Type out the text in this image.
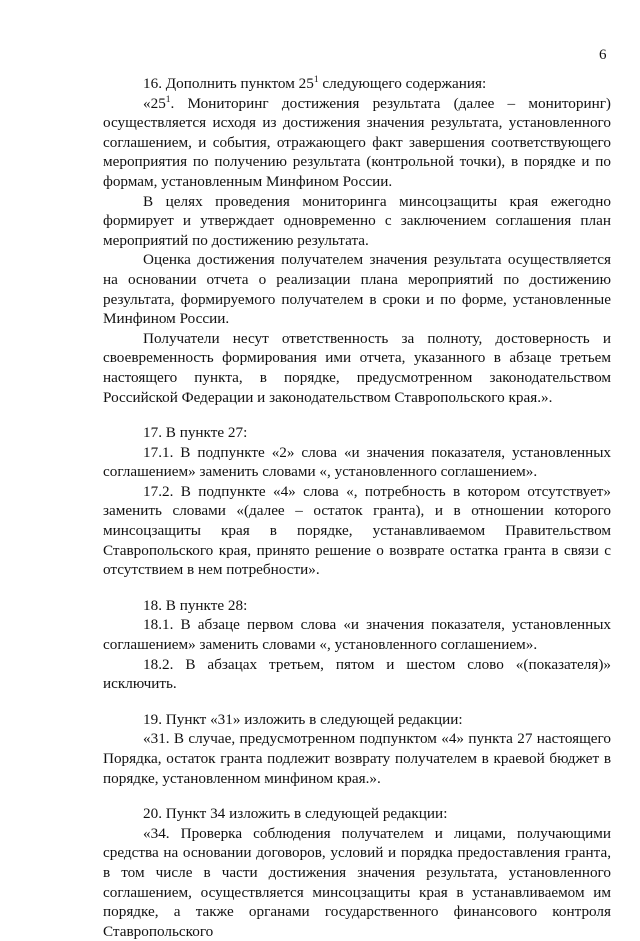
6

16. Дополнить пунктом $25^1$ следующего содержания:

«$25^1$. Мониторинг достижения результата (далее – мониторинг) осуществляется исходя из достижения значения результата, установленного соглашением, и события, отражающего факт завершения соответствующего мероприятия по получению результата (контрольной точки), в порядке и по формам, установленным Минфином России.

В целях проведения мониторинга минсоцзащиты края ежегодно формирует и утверждает одновременно с заключением соглашения план мероприятий по достижению результата.

Оценка достижения получателем значения результата осуществляется на основании отчета о реализации плана мероприятий по достижению результата, формируемого получателем в сроки и по форме, установленные Минфином России.

Получатели несут ответственность за полноту, достоверность и своевременность формирования ими отчета, указанного в абзаце третьем настоящего пункта, в порядке, предусмотренном законодательством Российской Федерации и законодательством Ставропольского края.».

17. В пункте 27:

17.1. В подпункте «2» слова «и значения показателя, установленных соглашением» заменить словами «, установленного соглашением».

17.2. В подпункте «4» слова «, потребность в котором отсутствует» заменить словами «(далее – остаток гранта), и в отношении которого минсоцзащиты края в порядке, устанавливаемом Правительством Ставропольского края, принято решение о возврате остатка гранта в связи с отсутствием в нем потребности».

18. В пункте 28:

18.1. В абзаце первом слова «и значения показателя, установленных соглашением» заменить словами «, установленного соглашением».

18.2. В абзацах третьем, пятом и шестом слово «(показателя)» исключить.

19. Пункт «31» изложить в следующей редакции:

«31. В случае, предусмотренном подпунктом «4» пункта 27 настоящего Порядка, остаток гранта подлежит возврату получателем в краевой бюджет в порядке, установленном минфином края.».

20. Пункт 34 изложить в следующей редакции:

«34. Проверка соблюдения получателем и лицами, получающими средства на основании договоров, условий и порядка предоставления гранта, в том числе в части достижения значения результата, установленного соглашением, осуществляется минсоцзащиты края в устанавливаемом им порядке, а также органами государственного финансового контроля Ставропольского
